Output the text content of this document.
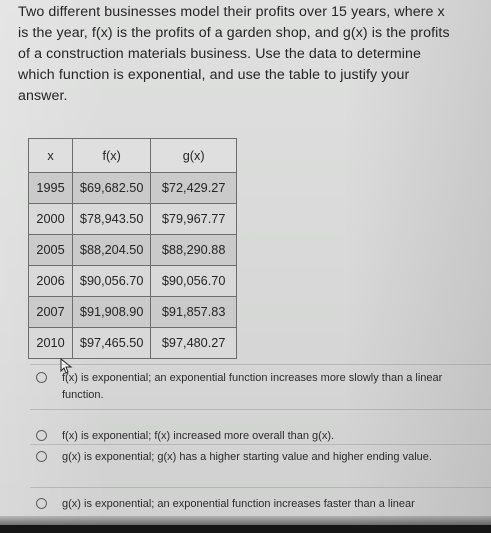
Two different businesses model their profits over 15 years, where x
is the year, f(x) is the profits of a garden shop, and g(x) is the profits
of a construction materials business. Use the data to determine
which function is exponential, and use the table to justify your
answer.
x	f(x)	g(x)
1995	$69,682.50	$72,429.27
2000	$78,943.50	$79,967.77
2005	$88,204.50	$88,290.88
2006	$90,056.70	$90,056.70
2007	$91,908.90	$91,857.83
2010	$97,465.50	$97,480.27
f(x) is exponential; an exponential function increases more slowly than a linear function.
f(x) is exponential; f(x) increased more overall than g(x).
g(x) is exponential; g(x) has a higher starting value and higher ending value.
g(x) is exponential; an exponential function increases faster than a linear
